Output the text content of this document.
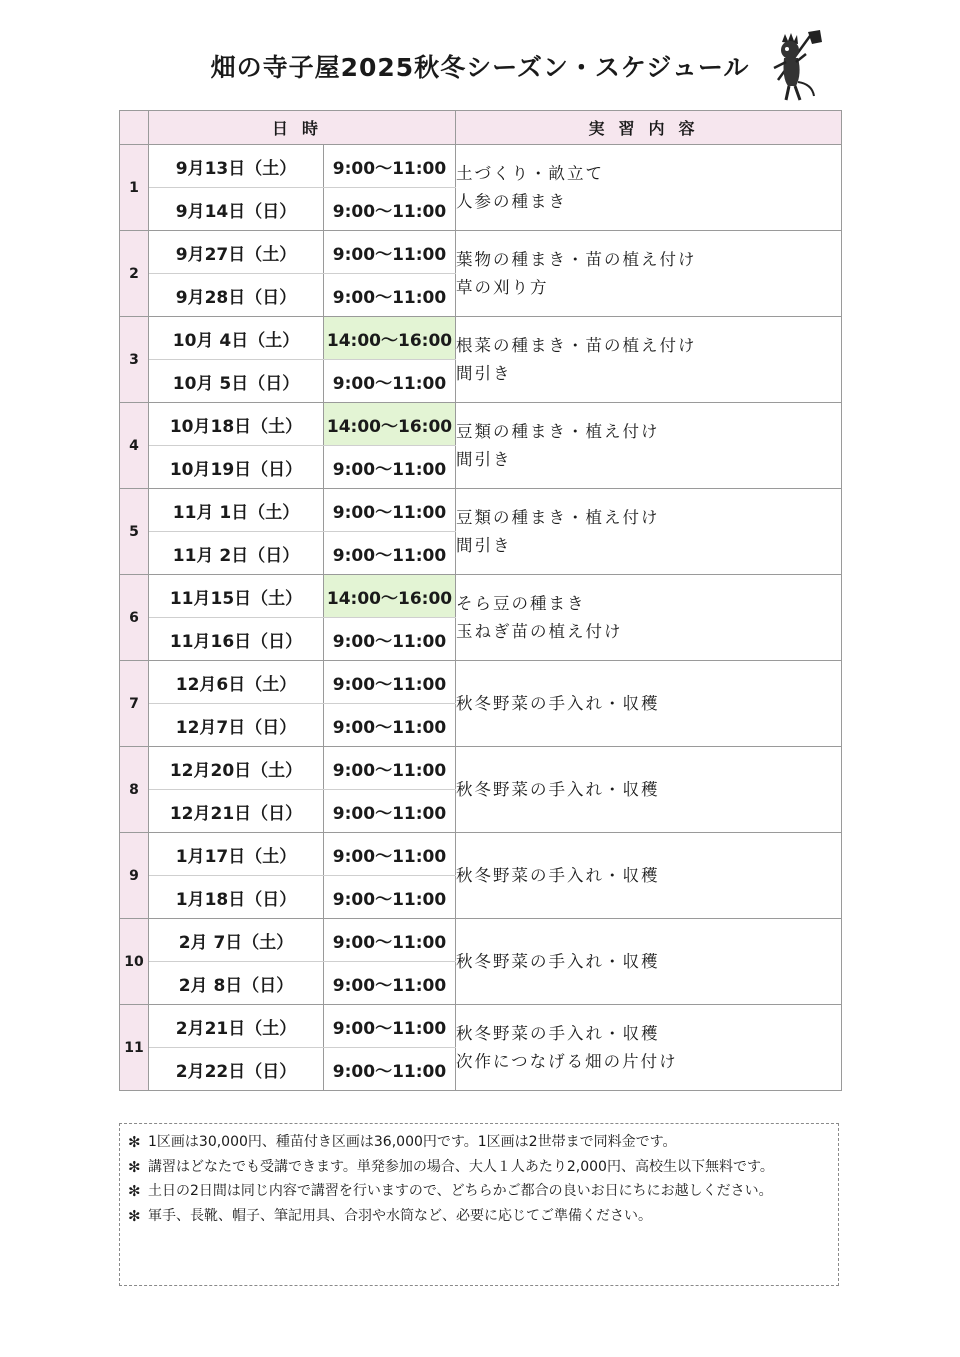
畑の寺子屋2025秋冬シーズン・スケジュール
	日時		実習内容
1	9月13日（土）	9:00～11:00	土づくり・畝立て
人参の種まき

	9月14日（日）	9:00～11:00	
2	9月27日（土）	9:00～11:00	葉物の種まき・苗の植え付け
草の刈り方

	9月28日（日）	9:00～11:00	
3	10月 4日（土）	14:00～16:00	根菜の種まき・苗の植え付け
間引き

	10月 5日（日）	9:00～11:00	
4	10月18日（土）	14:00～16:00	豆類の種まき・植え付け
間引き

	10月19日（日）	9:00～11:00	
5	11月 1日（土）	9:00～11:00	豆類の種まき・植え付け
間引き

	11月 2日（日）	9:00～11:00	
6	11月15日（土）	14:00～16:00	そら豆の種まき
玉ねぎ苗の植え付け

	11月16日（日）	9:00～11:00	
7	12月6日（土）	9:00～11:00	秋冬野菜の手入れ・収穫

	12月7日（日）	9:00～11:00	
8	12月20日（土）	9:00～11:00	秋冬野菜の手入れ・収穫

	12月21日（日）	9:00～11:00	
9	1月17日（土）	9:00～11:00	秋冬野菜の手入れ・収穫

	1月18日（日）	9:00～11:00	
10	2月 7日（土）	9:00～11:00	秋冬野菜の手入れ・収穫

	2月 8日（日）	9:00～11:00	
11	2月21日（土）	9:00～11:00	秋冬野菜の手入れ・収穫
次作につなげる畑の片付け

	2月22日（日）	9:00～11:00	
✻ 1区画は30,000円、種苗付き区画は36,000円です。1区画は2世帯まで同料金です。
✻ 講習はどなたでも受講できます。単発参加の場合、大人１人あたり2,000円、高校生以下無料です。
✻ 土日の2日間は同じ内容で講習を行いますので、どちらかご都合の良いお日にちにお越しください。
✻ 軍手、長靴、帽子、筆記用具、合羽や水筒など、必要に応じてご準備ください。
